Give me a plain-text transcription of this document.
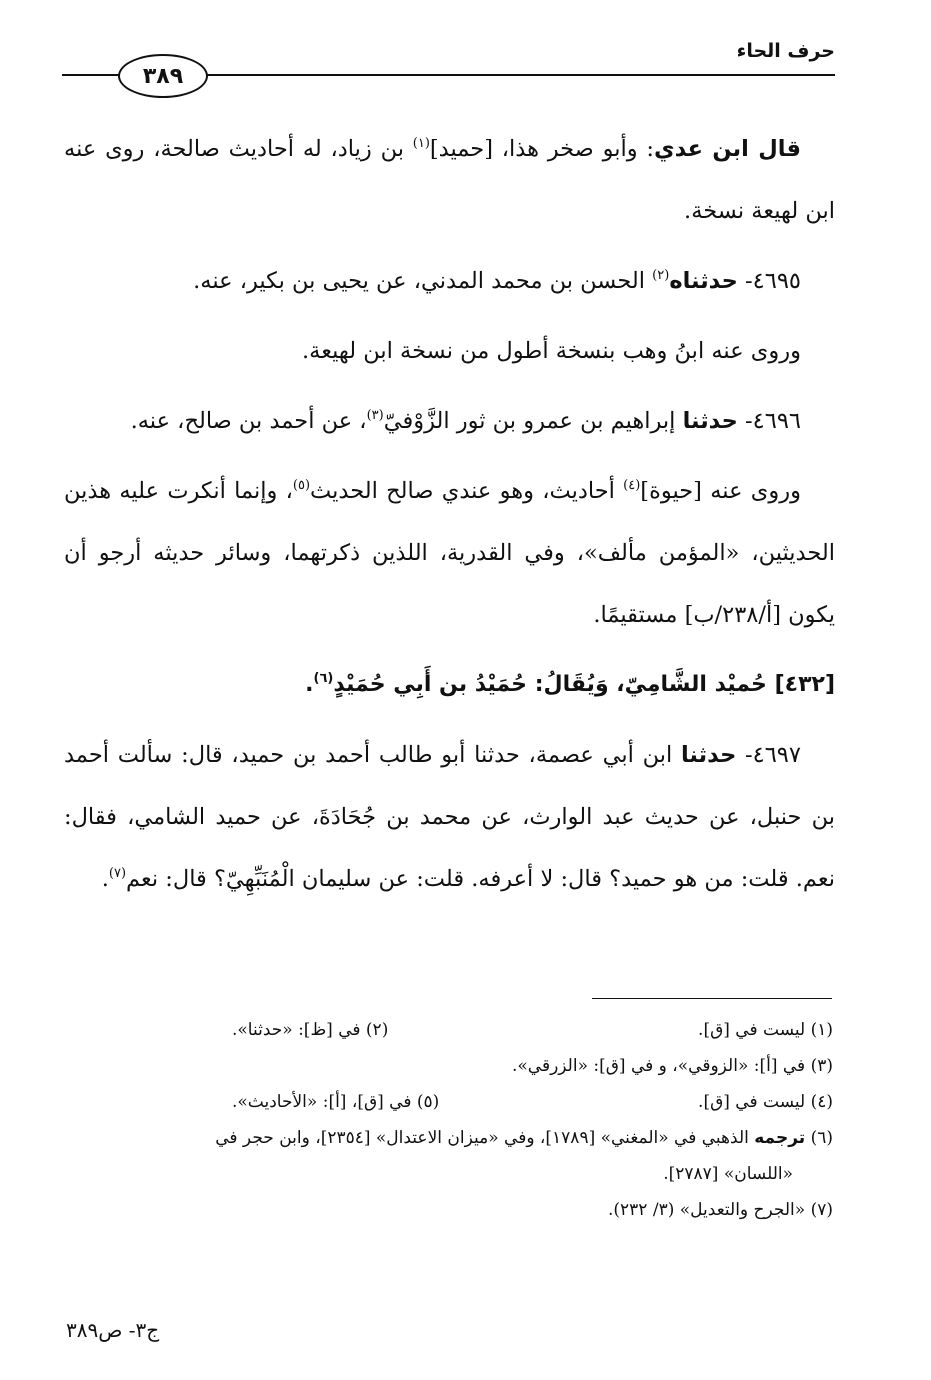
حرف الحاء
٣٨٩

قال ابن عدي: وأبو صخر هذا، [حميد]$^{(١)}$ بن زياد، له أحاديث صالحة، روى عنه ابن لهيعة نسخة.

٤٦٩٥- حدثناه$^{(٢)}$ الحسن بن محمد المدني، عن يحيى بن بكير، عنه.

وروى عنه ابنُ وهب بنسخة أطول من نسخة ابن لهيعة.

٤٦٩٦- حدثنا إبراهيم بن عمرو بن ثور الزَّوْفيّ$^{(٣)}$، عن أحمد بن صالح، عنه.

وروى عنه [حيوة]$^{(٤)}$ أحاديث، وهو عندي صالح الحديث$^{(٥)}$، وإنما أنكرت عليه هذين الحديثين، «المؤمن مألف»، وفي القدرية، اللذين ذكرتهما، وسائر حديثه أرجو أن يكون [أ/٢٣٨/ب] مستقيمًا.

[٤٣٢] حُميْد الشَّامِيّ، وَيُقَالُ: حُمَيْدُ بن أَبِي حُمَيْدٍ$^{(٦)}$.

٤٦٩٧- حدثنا ابن أبي عصمة، حدثنا أبو طالب أحمد بن حميد، قال: سألت أحمد بن حنبل، عن حديث عبد الوارث، عن محمد بن جُحَادَةَ، عن حميد الشامي، فقال: نعم. قلت: من هو حميد؟ قال: لا أعرفه. قلت: عن سليمان الْمُنَبِّهِيّ؟ قال: نعم$^{(٧)}$.

(١) ليست في [ق].
(٢) في [ظ]: «حدثنا».
(٣) في [أ]: «الزوقي»، و في [ق]: «الزرقي».
(٤) ليست في [ق].
(٥) في [ق]، [أ]: «الأحاديث».
(٦) ترجمه الذهبي في «المغني» [١٧٨٩]، وفي «ميزان الاعتدال» [٢٣٥٤]، وابن حجر في
«اللسان» [٢٧٨٧].
(٧) «الجرح والتعديل» (٣/ ٢٣٢).
ج٣- ص٣٨٩
